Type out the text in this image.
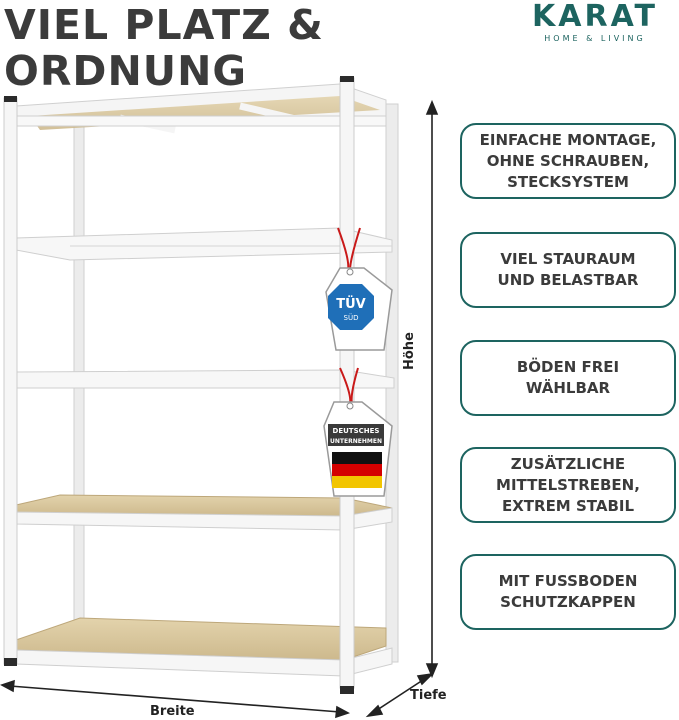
VIEL PLATZ &
ORDNUNG
KARAT
HOME & LIVING
TÜV
SÜD
DEUTSCHES
UNTERNEHMEN
Höhe
Breite
Tiefe
EINFACHE MONTAGE,
OHNE SCHRAUBEN,
STECKSYSTEM
VIEL STAURAUM
UND BELASTBAR
BÖDEN FREI
WÄHLBAR
ZUSÄTZLICHE
MITTELSTREBEN,
EXTREM STABIL
MIT FUSSBODEN
SCHUTZKAPPEN
